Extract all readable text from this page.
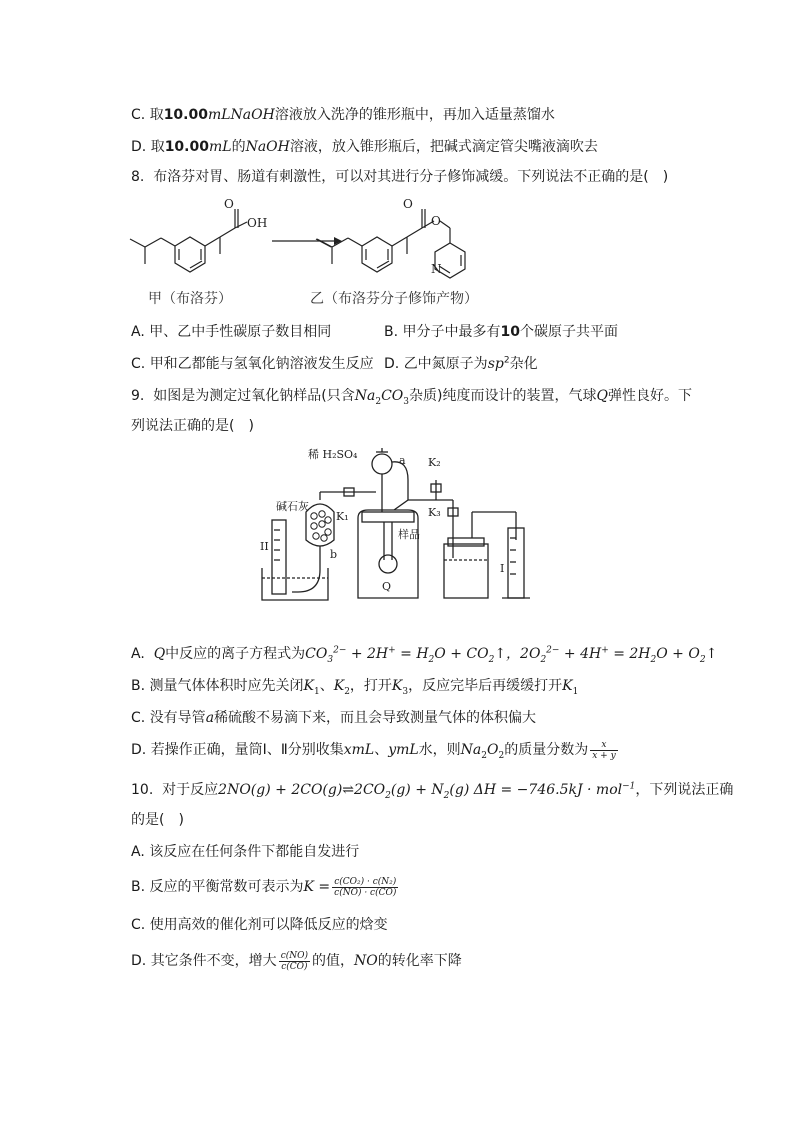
C. 取10.00mLNaOH溶液放入洗净的锥形瓶中，再加入适量蒸馏水
D. 取10.00mL的NaOH溶液，放入锥形瓶后，把碱式滴定管尖嘴液滴吹去
8. 布洛芬对胃、肠道有刺激性，可以对其进行分子修饰减缓。下列说法不正确的是(　)
OH
O	O
O
N
甲（布洛芬）	乙（布洛芬分子修饰产物）
A. 甲、乙中手性碳原子数目相同	B. 甲分子中最多有10个碳原子共平面
C. 甲和乙都能与氢氧化钠溶液发生反应 D. 乙中氮原子为$sp^2$杂化
9. 如图是为测定过氧化钠样品(只含$Na_2CO_3$杂质)纯度而设计的装置，气球Q弹性良好。下
列说法正确的是(　)
稀 H₂SO₄	a K₂
K₃
K₁
碱石灰
b
II
Q
样品
I
A. Q中反应的离子方程式为$CO_3^{2-} + 2H^+ = H_2O$ + $CO_2↑$，$2O_2^{2-} + 4H^+ = 2H_2O$ + $O_2↑$
B. 测量气体体积时应先关闭$K_1$、$K_2$，打开$K_3$，反应完毕后再缓缓打开$K_1$
C. 没有导管a稀硫酸不易滴下来，而且会导致测量气体的体积偏大
D. 若操作正确，量筒Ⅰ、Ⅱ分别收集xmL、ymL水，则$Na_2O_2$的质量分数为 $\frac{x}{x + y}$
10. 对于反应$2NO(g) + 2CO(g)\rightleftharpoons 2CO_2(g) + N_2(g) \Delta H = -746.5kJ \cdot mol^{-1}$，下列说法正确
的是(　)
A. 该反应在任何条件下都能自发进行
B. 反应的平衡常数可表示为$K = \frac{\text{c(CO₂) · c(N₂)}}{c(NO) \cdot c(CO)}$
C. 使用高效的催化剂可以降低反应的焓变
D. 其它条件不变，增大 $\frac{c(NO)}{c(CO)}$ 的值，NO的转化率下降
